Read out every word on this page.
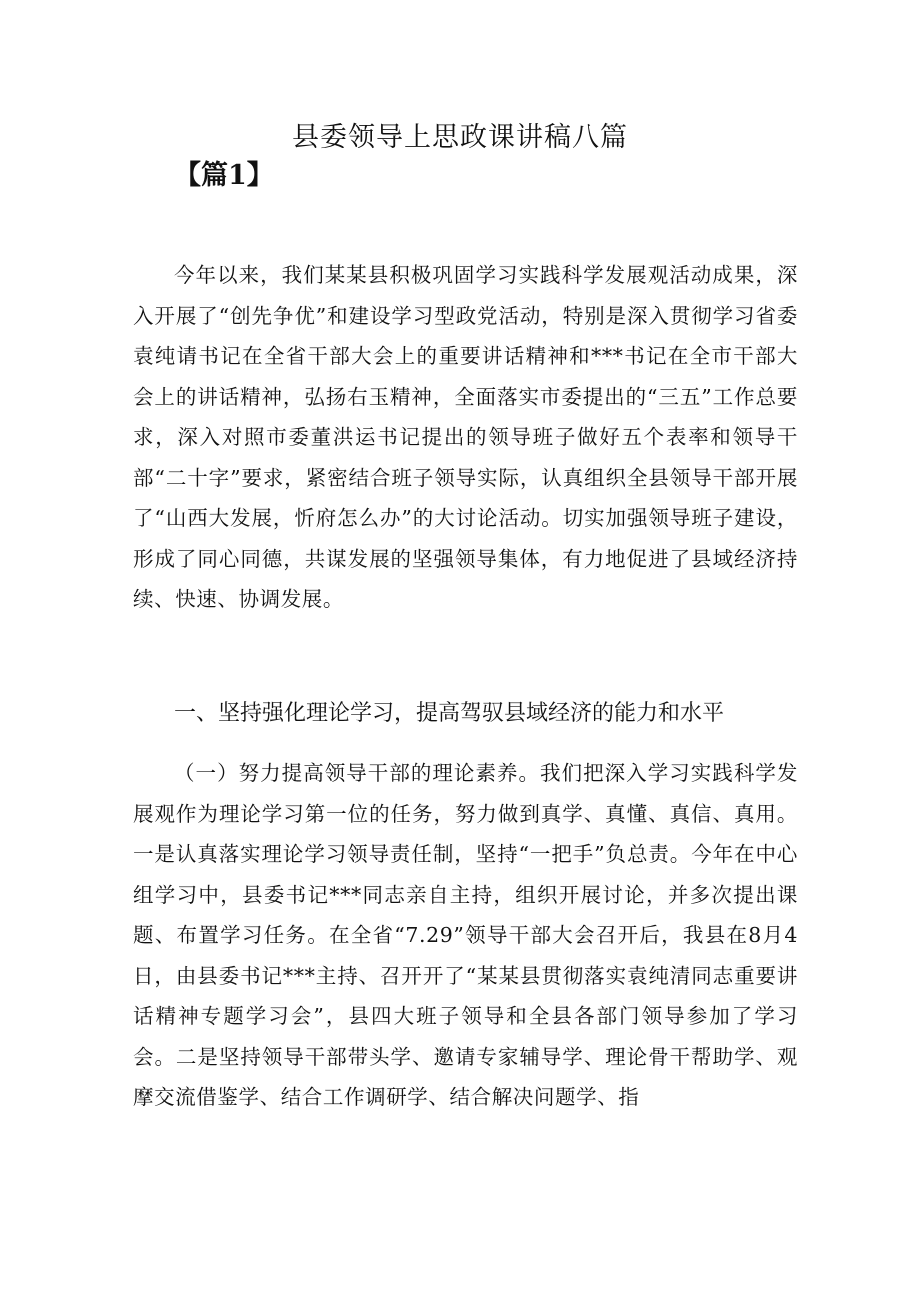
县委领导上思政课讲稿八篇
【篇1】

今年以来，我们某某县积极巩固学习实践科学发展观活动成果，深入开展了“创先争优”和建设学习型政党活动，特别是深入贯彻学习省委袁纯请书记在全省干部大会上的重要讲话精神和***书记在全市干部大会上的讲话精神，弘扬右玉精神，全面落实市委提出的“三五”工作总要求，深入对照市委董洪运书记提出的领导班子做好五个表率和领导干部“二十字”要求，紧密结合班子领导实际，认真组织全县领导干部开展了“山西大发展，忻府怎么办”的大讨论活动。切实加强领导班子建设，形成了同心同德，共谋发展的坚强领导集体，有力地促进了县域经济持续、快速、协调发展。

一、坚持强化理论学习，提高驾驭县域经济的能力和水平

（一）努力提高领导干部的理论素养。我们把深入学习实践科学发展观作为理论学习第一位的任务，努力做到真学、真懂、真信、真用。一是认真落实理论学习领导责任制，坚持“一把手”负总责。今年在中心组学习中，县委书记***同志亲自主持，组织开展讨论，并多次提出课题、布置学习任务。在全省“7.29”领导干部大会召开后，我县在8月4日，由县委书记***主持、召开开了“某某县贯彻落实袁纯清同志重要讲话精神专题学习会”，县四大班子领导和全县各部门领导参加了学习会。二是坚持领导干部带头学、邀请专家辅导学、理论骨干帮助学、观摩交流借鉴学、结合工作调研学、结合解决问题学、指
